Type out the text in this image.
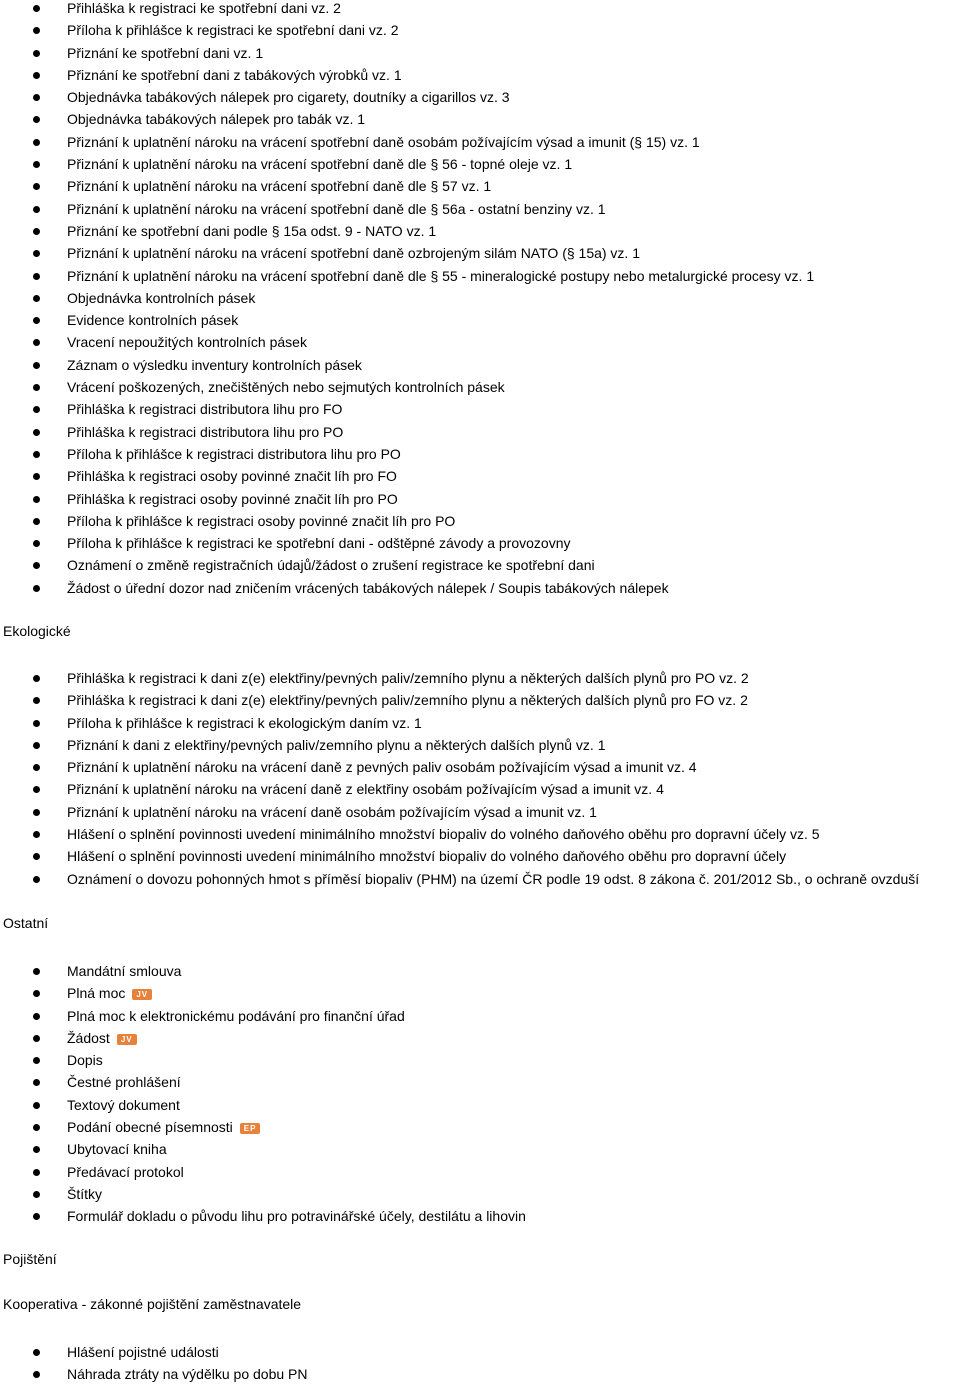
Přihláška k registraci ke spotřební dani vz. 2
Příloha k přihlášce k registraci ke spotřební dani vz. 2
Přiznání ke spotřební dani vz. 1
Přiznání ke spotřební dani z tabákových výrobků vz. 1
Objednávka tabákových nálepek pro cigarety, doutníky a cigarillos vz. 3
Objednávka tabákových nálepek pro tabák vz. 1
Přiznání k uplatnění nároku na vrácení spotřební daně osobám požívajícím výsad a imunit (§ 15) vz. 1
Přiznání k uplatnění nároku na vrácení spotřební daně dle § 56 - topné oleje vz. 1
Přiznání k uplatnění nároku na vrácení spotřební daně dle § 57 vz. 1
Přiznání k uplatnění nároku na vrácení spotřební daně dle § 56a - ostatní benziny vz. 1
Přiznání ke spotřební dani podle § 15a odst. 9 - NATO vz. 1
Přiznání k uplatnění nároku na vrácení spotřební daně ozbrojeným silám NATO (§ 15a) vz. 1
Přiznání k uplatnění nároku na vrácení spotřební daně dle § 55 - mineralogické postupy nebo metalurgické procesy vz. 1
Objednávka kontrolních pásek
Evidence kontrolních pásek
Vracení nepoužitých kontrolních pásek
Záznam o výsledku inventury kontrolních pásek
Vrácení poškozených, znečištěných nebo sejmutých kontrolních pásek
Přihláška k registraci distributora lihu pro FO
Přihláška k registraci distributora lihu pro PO
Příloha k přihlášce k registraci distributora lihu pro PO
Přihláška k registraci osoby povinné značit líh pro FO
Přihláška k registraci osoby povinné značit líh pro PO
Příloha k přihlášce k registraci osoby povinné značit líh pro PO
Příloha k přihlášce k registraci ke spotřební dani - odštěpné závody a provozovny
Oznámení o změně registračních údajů/žádost o zrušení registrace ke spotřební dani
Žádost o úřední dozor nad zničením vrácených tabákových nálepek / Soupis tabákových nálepek
Ekologické
Přihláška k registraci k dani z(e) elektřiny/pevných paliv/zemního plynu a některých dalších plynů pro PO vz. 2
Přihláška k registraci k dani z(e) elektřiny/pevných paliv/zemního plynu a některých dalších plynů pro FO vz. 2
Příloha k přihlášce k registraci k ekologickým daním vz. 1
Přiznání k dani z elektřiny/pevných paliv/zemního plynu a některých dalších plynů vz. 1
Přiznání k uplatnění nároku na vrácení daně z pevných paliv osobám požívajícím výsad a imunit vz. 4
Přiznání k uplatnění nároku na vrácení daně z elektřiny osobám požívajícím výsad a imunit vz. 4
Přiznání k uplatnění nároku na vrácení daně osobám požívajícím výsad a imunit vz. 1
Hlášení o splnění povinnosti uvedení minimálního množství biopaliv do volného daňového oběhu pro dopravní účely vz. 5
Hlášení o splnění povinnosti uvedení minimálního množství biopaliv do volného daňového oběhu pro dopravní účely
Oznámení o dovozu pohonných hmot s příměsí biopaliv (PHM) na území ČR podle 19 odst. 8 zákona č. 201/2012 Sb., o ochraně ovzduší
Ostatní
Mandátní smlouva
Plná moc JV
Plná moc k elektronickému podávání pro finanční úřad
Žádost JV
Dopis
Čestné prohlášení
Textový dokument
Podání obecné písemnosti EP
Ubytovací kniha
Předávací protokol
Štítky
Formulář dokladu o původu lihu pro potravinářské účely, destilátu a lihovin
Pojištění
Kooperativa - zákonné pojištění zaměstnavatele
Hlášení pojistné události
Náhrada ztráty na výdělku po dobu PN
